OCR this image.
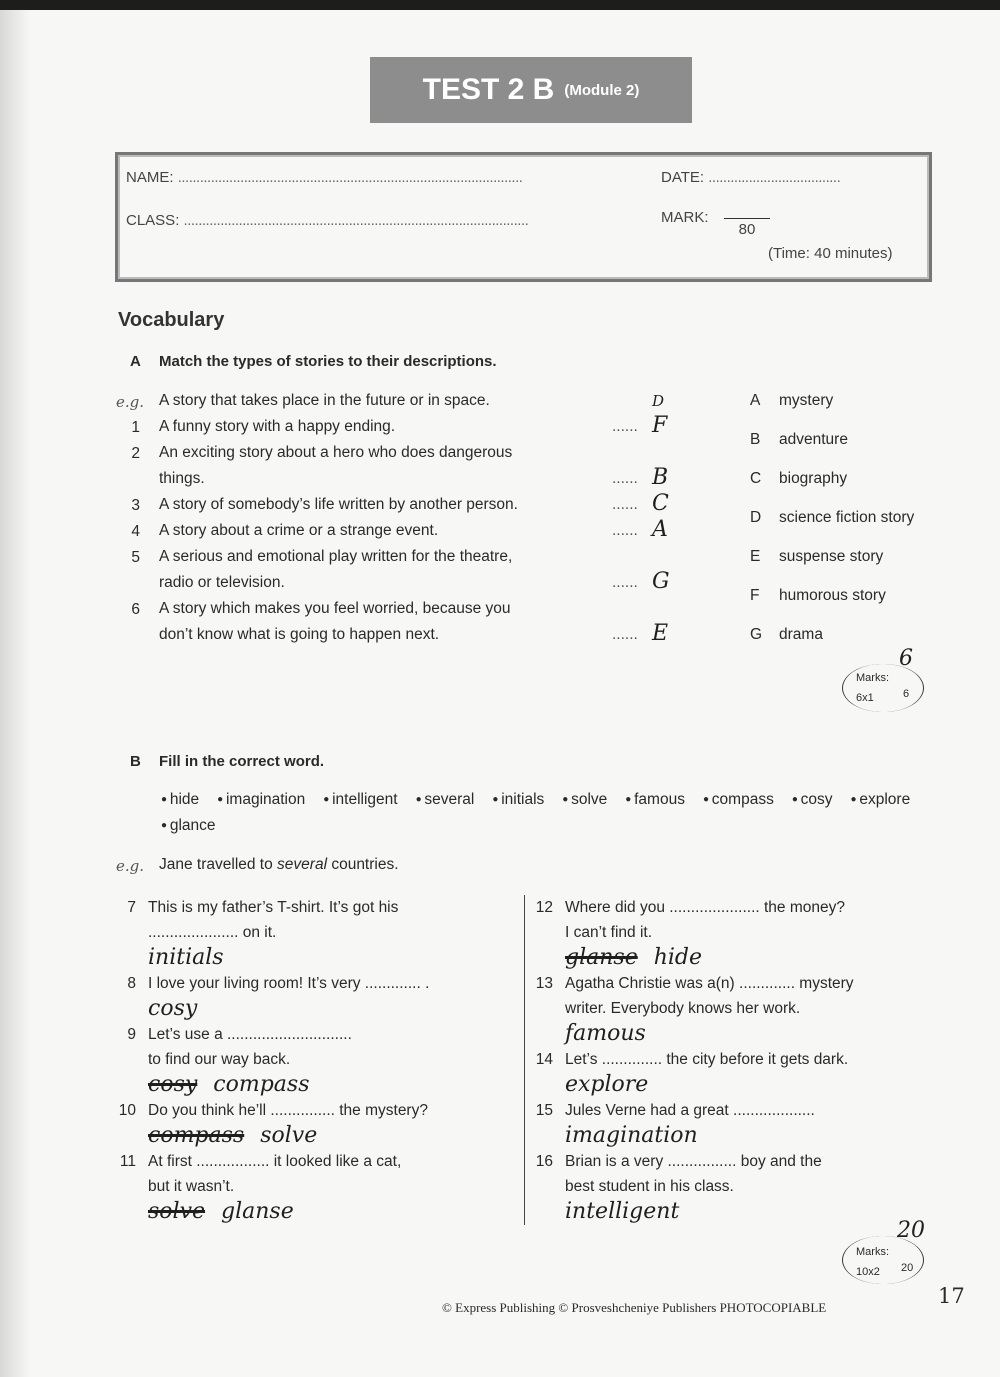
TEST 2 B (Module 2)
NAME: ..............................................................................................
CLASS: ..............................................................................................
DATE: ....................................
MARK:
80
(Time: 40 minutes)
Vocabulary
A Match the types of stories to their descriptions.
e.g. A story that takes place in the future or in space.	D
1 A funny story with a happy ending.	...... F
2 An exciting story about a hero who does dangerous
things.	...... B
3 A story of somebody’s life written by another person.	...... C
4 A story about a crime or a strange event.	...... A
5 A serious and emotional play written for the theatre,
radio or television.	...... G
6 A story which makes you feel worried, because you
don’t know what is going to happen next.	...... E
A mystery
B adventure
C biography
D science fiction story
E suspense story
F humorous story
G drama
Marks:
6x1
6
6
B Fill in the correct word.
● hide	● imagination	● intelligent	● several	● initials	● solve	● famous	● compass	● cosy	● explore
● glance
e.g. Jane travelled to several countries.
7 This is my father’s T-shirt. It’s got his
..................... on it.
initials
8 I love your living room! It’s very ............. .
cosy
9 Let’s use a .............................
to find our way back.
cosy compass
10 Do you think he’ll ............... the mystery?
compass solve
11 At first ................. it looked like a cat,
but it wasn’t.
solve glanse
12 Where did you ..................... the money?
I can’t find it.
glanse hide
13 Agatha Christie was a(n) ............. mystery
writer. Everybody knows her work.
famous
14 Let’s .............. the city before it gets dark.
explore
15 Jules Verne had a great ...................
imagination
16 Brian is a very ................ boy and the
best student in his class.
intelligent
Marks:
10x2
20
20
© Express Publishing © Prosveshcheniye Publishers PHOTOCOPIABLE	17
